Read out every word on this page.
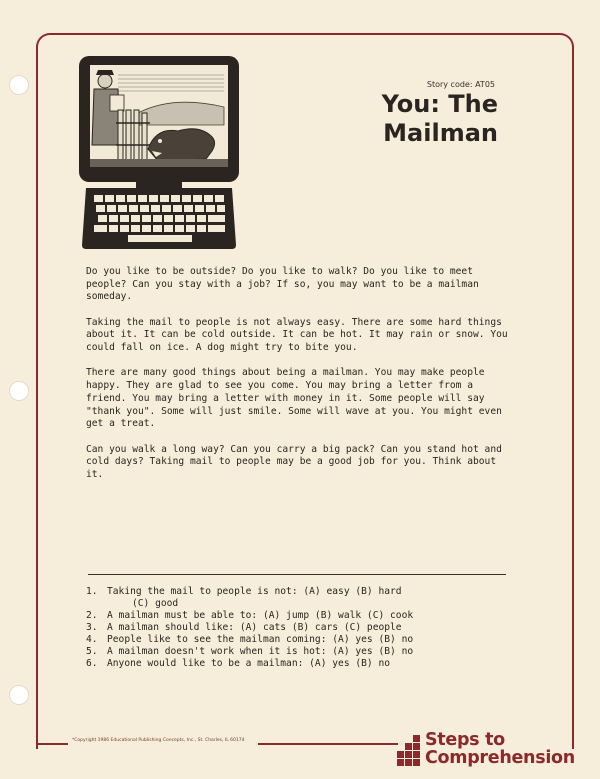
Story code: AT05
You: The
Mailman

Do you like to be outside? Do you like to walk? Do you like to meet people? Can you stay with a job? If so, you may want to be a mailman someday.

Taking the mail to people is not always easy. There are some hard things about it. It can be cold outside. It can be hot. It may rain or snow. You could fall on ice. A dog might try to bite you.

There are many good things about being a mailman. You may make people happy. They are glad to see you come. You may bring a letter from a friend. You may bring a letter with money in it. Some people will say "thank you". Some will just smile. Some will wave at you. You might even get a treat.

Can you walk a long way? Can you carry a big pack? Can you stand hot and cold days? Taking mail to people may be a good job for you. Think about it.

1. Taking the mail to people is not: (A) easy (B) hard
(C) good
2. A mailman must be able to: (A) jump (B) walk (C) cook
3. A mailman should like: (A) cats (B) cars (C) people
4. People like to see the mailman coming: (A) yes (B) no
5. A mailman doesn't work when it is hot: (A) yes (B) no
6. Anyone would like to be a mailman: (A) yes (B) no
*Copyright 1986 Educational Publishing Concepts, Inc., St. Charles, IL 60174	Steps to
Comprehension
